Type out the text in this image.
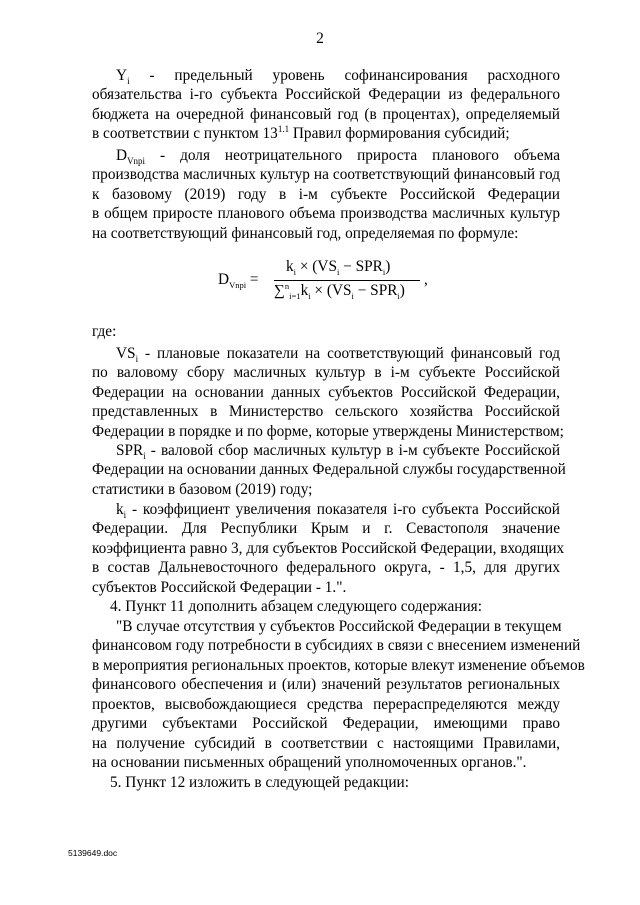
2
$Y_i$ - предельный уровень софинансирования расходного
обязательства i-го субъекта Российской Федерации из федерального
бюджета на очередной финансовый год (в процентах), определяемый
в соответствии с пунктом $13^{1.1}$ Правил формирования субсидий;
$D_{Vnpi}$ - доля неотрицательного прироста планового объема
производства масличных культур на соответствующий финансовый год
к базовому (2019) году в i-м субъекте Российской Федерации
в общем приросте планового объема производства масличных культур
на соответствующий финансовый год, определяемая по формуле:
$D_{Vnpi}$ =
$k_i \times (VS_i - SPR_i)$
$\sum^n_{i=1}k_i \times (VS_i - SPR_i)$
,
где:
$VS_i$ - плановые показатели на соответствующий финансовый год
по валовому сбору масличных культур в i-м субъекте Российской
Федерации на основании данных субъектов Российской Федерации,
представленных в Министерство сельского хозяйства Российской
Федерации в порядке и по форме, которые утверждены Министерством;
$SPR_i$ - валовой сбор масличных культур в i-м субъекте Российской
Федерации на основании данных Федеральной службы государственной
статистики в базовом (2019) году;
$k_i$ - коэффициент увеличения показателя i-го субъекта Российской
Федерации. Для Республики Крым и г. Севастополя значение
коэффициента равно 3, для субъектов Российской Федерации, входящих
в состав Дальневосточного федерального округа, - 1,5, для других
субъектов Российской Федерации - 1.".
4. Пункт 11 дополнить абзацем следующего содержания:
"В случае отсутствия у субъектов Российской Федерации в текущем
финансовом году потребности в субсидиях в связи с внесением изменений
в мероприятия региональных проектов, которые влекут изменение объемов
финансового обеспечения и (или) значений результатов региональных
проектов, высвобождающиеся средства перераспределяются между
другими субъектами Российской Федерации, имеющими право
на получение субсидий в соответствии с настоящими Правилами,
на основании письменных обращений уполномоченных органов.".
5. Пункт 12 изложить в следующей редакции:
5139649.doc
